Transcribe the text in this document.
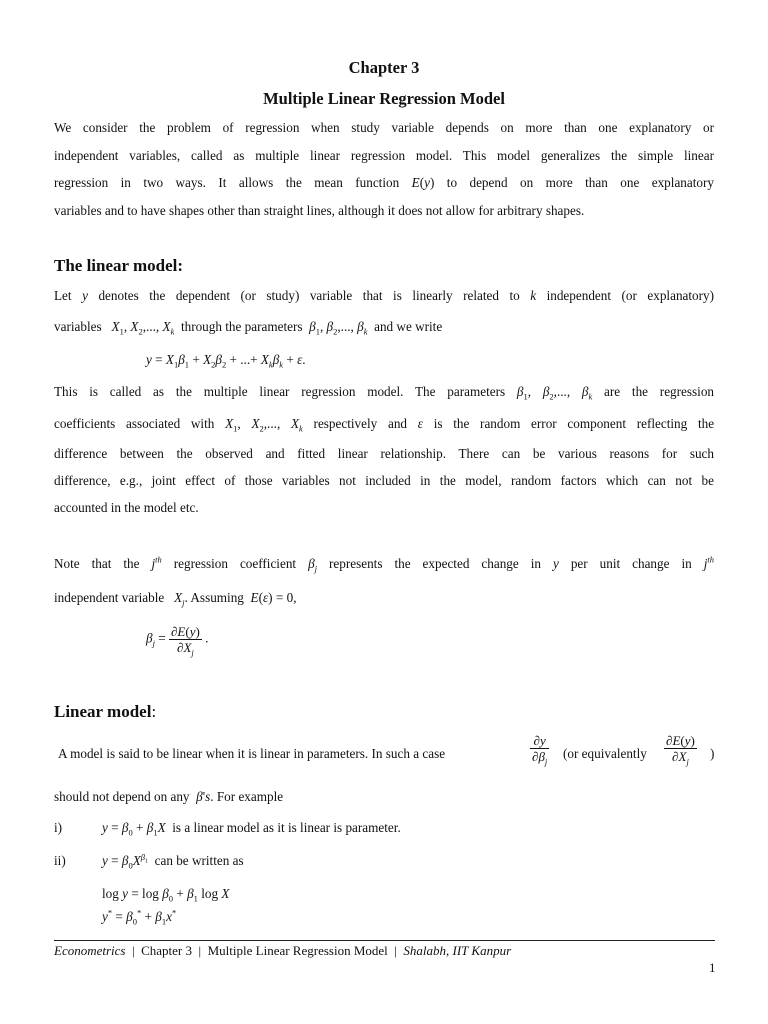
Chapter 3
Multiple Linear Regression Model
We consider the problem of regression when study variable depends on more than one explanatory or
independent variables, called as multiple linear regression model. This model generalizes the simple linear
regression in two ways. It allows the mean function E(y) to depend on more than one explanatory
variables and to have shapes other than straight lines, although it does not allow for arbitrary shapes.
The linear model:
Let y denotes the dependent (or study) variable that is linearly related to k independent (or explanatory)
variables $X_1$, $X_2$,..., $X_k$ through the parameters $\beta_1$, $\beta_2$,..., $\beta_k$ and we write
$y = X_1\beta_1 + X_2\beta_2$ + ...+ $X_k\beta_k + \varepsilon$.
This is called as the multiple linear regression model. The parameters $\beta_1$, $\beta_2$,..., $\beta_k$ are the regression
coefficients associated with $X_1$, $X_2$,..., $X_k$ respectively and ε is the random error component reflecting the
difference between the observed and fitted linear relationship. There can be various reasons for such
difference, e.g., joint effect of those variables not included in the model, random factors which can not be
accounted in the model etc.
Note that the $j^{th}$ regression coefficient $\beta_j$ represents the expected change in y per unit change in $j^{th}$
independent variable $X_j$. Assuming E(ε) = 0,
$\beta_j = \frac{\partial E(y)}{\partial X_j}$ .
Linear model:
A model is said to be linear when it is linear in parameters. In such a case	$\frac{\partial y}{\partial\beta_j} (or$ equivalently $\frac{\partial E(y)}{\partial X_j}$ )
should not depend on any β's. For example
i)	$y = \beta_0 + \beta_1X$ is a linear model as it is linear is parameter.
ii)	$y = \beta_0X^{\beta_1}$ can be written as
$\log y = \log \beta_0 + \beta_1$ log X
$y^* = \beta_0^* + \beta_1x^*$
Econometrics | Chapter 3 | Multiple Linear Regression Model | Shalabh, IIT Kanpur
1
